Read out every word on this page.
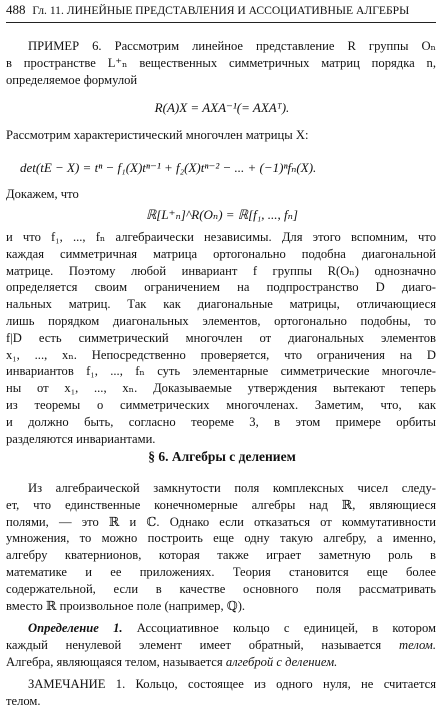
488 Гл. 11. ЛИНЕЙНЫЕ ПРЕДСТАВЛЕНИЯ И АССОЦИАТИВНЫЕ АЛГЕБРЫ
ПРИМЕР 6. Рассмотрим линейное представление R группы Oₙ
в пространстве L⁺ₙ вещественных симметричных матриц порядка n,
определяемое формулой
R(A)X = AXA⁻¹(= AXAᵀ).
Рассмотрим характеристический многочлен матрицы X:
det(tE − X) = tⁿ − f₁(X)tⁿ⁻¹ + f₂(X)tⁿ⁻² − ... + (−1)ⁿfₙ(X).
Докажем, что
ℝ[L⁺ₙ]^R(Oₙ) = ℝ[f₁, ..., fₙ]
и что f₁, ..., fₙ алгебраически независимы. Для этого вспомним, что
каждая симметричная матрица ортогонально подобна диагональной
матрице. Поэтому любой инвариант f группы R(Oₙ) однозначно
определяется своим ограничением на подпространство D диаго-
нальных матриц. Так как диагональные матрицы, отличающиеся
лишь порядком диагональных элементов, ортогонально подобны, то
f|D есть симметрический многочлен от диагональных элементов
x₁, ..., xₙ. Непосредственно проверяется, что ограничения на D
инвариантов f₁, ..., fₙ суть элементарные симметрические многочле-
ны от x₁, ..., xₙ. Доказываемые утверждения вытекают теперь
из теоремы о симметрических многочленах. Заметим, что, как
и должно быть, согласно теореме 3, в этом примере орбиты
разделяются инвариантами.
§ 6. Алгебры с делением
Из алгебраической замкнутости поля комплексных чисел следу-
ет, что единственные конечномерные алгебры над ℝ, являющиеся
полями, — это ℝ и ℂ. Однако если отказаться от коммутативности
умножения, то можно построить еще одну такую алгебру, а именно,
алгебру кватернионов, которая также играет заметную роль в
математике и ее приложениях. Теория становится еще более
содержательной, если в качестве основного поля рассматривать
вместо ℝ произвольное поле (например, ℚ).
Определение 1. Ассоциативное кольцо с единицей, в котором
каждый ненулевой элемент имеет обратный, называется телом.
Алгебра, являющаяся телом, называется алгеброй с делением.
ЗАМЕЧАНИЕ 1. Кольцо, состоящее из одного нуля, не считается
телом.
